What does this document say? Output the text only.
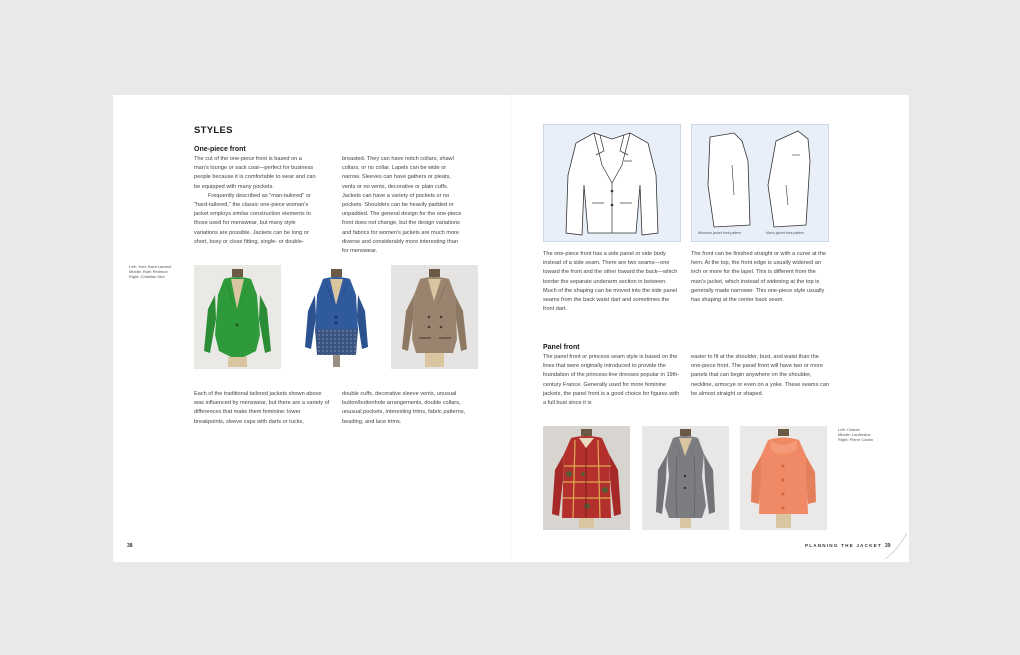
STYLES
One-piece front

The cut of the one-piece front is based on a man's lounge or sack coat—perfect for business people because it is comfortable to wear and can be equipped with many pockets.

Frequently described as "man-tailored" or "hard-tailored," the classic one-piece woman's jacket employs similar construction elements to those used for menswear, but many style variations are possible. Jackets can be long or short, boxy or close fitting, single- or double-

breasted. They can have notch collars, shawl collars, or no collar. Lapels can be wide or narrow. Sleeves can have gathers or pleats, vents or no vents, decorative or plain cuffs. Jackets can have a variety of pockets or no pockets. Shoulders can be heavily padded or unpadded. The general design for the one-piece front does not change, but the design variations and fabrics for women's jackets are much more diverse and considerably more interesting than for menswear.

Left: Yves Saint Laurent
Middle: Ruth Redmon
Right: Christian Dior

Each of the traditional tailored jackets shown above was influenced by menswear, but there are a variety of differences that make them feminine: lower breakpoints, sleeve caps with darts or tucks,

double cuffs, decorative sleeve vents, unusual button/buttonhole arrangements, double collars, unusual pockets, interesting trims, fabric patterns, beading, and lace trims.

38
Woman's jacket front pattern	Man's jacket front pattern

The one-piece front has a side panel or side body instead of a side seam. There are two seams—one toward the front and the other toward the back—which border the separate underarm section in between. Much of the shaping can be moved into the side panel seams from the back waist dart and sometimes the front dart.

The front can be finished straight or with a curve at the hem. At the top, the front edge is usually widened an inch or more for the lapel. This is different from the man's jacket, which instead of widening at the top is generally made narrower. This one-piece style usually has shaping at the center back seam.

Panel front

The panel front or princess seam style is based on the lines that were originally introduced to provide the foundation of the princess-line dresses popular in 19th-century France. Generally used for more feminine jackets, the panel front is a good choice for figures with a full bust since it is

easier to fit at the shoulder, bust, and waist than the one-piece front. The panel front will have two or more panels that can begin anywhere on the shoulder, neckline, armscye or even on a yoke. These seams can be almost straight or shaped.

Left: Chanel
Middle: Lanfresine
Right: Pierre Cardin
PLANNING THE JACKET 39
